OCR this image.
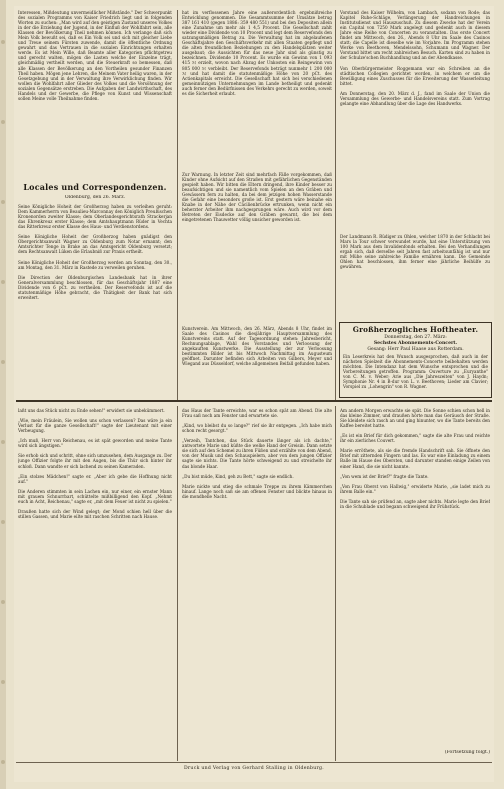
Interessen, Mißdeutung unvermeidlicher Mißstände." Der Schwerpunkt des sozialen Programms von Kaiser Friedrich liegt und in folgenden Worten zu suchen: „Man wird auf den geistigen Zustand unseres Volkes in der die Erziehung der Jugend, in der Einfluß der Wohlfahrt sein, alle Klassen der Bevölkerung Theil nehmen können. Ich verlange daß sich Mein Volk bewußt sei, daß es Ein Volk sei und sich mit gleicher Liebe und Treue seinem Fürsten zuwende, damit die öffentliche Ordnung gewahrt und das Vertrauen in die sozialen Einrichtungen erhalten werde. Es ist Mein Wille, daß Beamte aller Kategorien pflichtgetreu und gerecht walten, mögen die Lasten welche der Einzelne trägt, gleichmäßig vertheilt werden, und die Steuerkraft so bemessen, daß alle Klassen der Bevölkerung an den Vortheilen gesunder Finanzen Theil haben. Mögen jene Lehren, die Meinem Vater heilig waren, in der Gesetzgebung und in der Verwaltung ihre Verwirklichung finden. Wir wollen die Wohlfahrt aller Glieder des Volkes und die Versöhnung der sozialen Gegensätze erstreben. Die Aufgaben der Landwirthschaft, des Handels und der Gewerbe, die Pflege von Kunst und Wissenschaft sollen Meine volle Theilnahme finden.
Locales und Correspondenzen.
Oldenburg, den 26. März.
Seine Königliche Hoheit der Großherzog haben zu verleihen geruht: Dem Kammerherrn von Beaulieu-Marconnay den Königlich Preußischen Kronenorden zweiter Klasse; dem Oberlandesgerichtsrath Strackerjan das Ehrenkreuz erster Klasse; dem Amtshauptmann Rüder in Vechta das Ritterkreuz erster Klasse des Haus- und Verdienstordens.

Seine Königliche Hoheit der Großherzog haben gnädigst den Obergerichtsanwalt Wagner zu Oldenburg zum Notar ernannt; den Amtsrichter Tenge in Brake an das Amtsgericht Oldenburg versetzt; dem Rechtsanwalt Lüken die Erlaubniß zur Praxis ertheilt.

Seine Königliche Hoheit der Großherzog werden am Sonntag, den 30., am Montag, den 31. März in Rastede zu verweilen geruhen.

Die Direction der Oldenburgischen Landesbank hat in ihrer Generalversammlung beschlossen, für das Geschäftsjahr 1887 eine Dividende von 6 pCt. zu vertheilen. Der Reservefonds ist auf die statutenmäßige Höhe gebracht, die Thätigkeit der Bank hat sich erweitert.
hat im verflossenen Jahre eine außerordentlich ergebnißreiche Entwicklung genommen. Die Gesammtsumme der Umsätze betrug 387 161 410 (gegen 1886: 359 480 551) und bei den Depositen allein eine Zunahme um mehr als 1 4,5 Procent. Die Gesellschaft zahlt wieder eine Dividende von 10 Procent und legt dem Reservefonds den satzungsmäßigen Betrag zu. Die Verwaltung hat im abgelaufenen Geschäftsjahre den Geschäftsverkehr mit allen Staaten gepflegt und die alten freundlichen Beziehungen zu den Handelsplätzen weiter ausgebaut; die Aussichten für das neue Jahr sind als günstig zu bezeichnen. Dividende 10 Procent. Es wurde ein Gewinn von 1 093 415 ℳ erzielt, wovon nach Abzug der Unkosten ein Reingewinn von 805 000 ℳ verbleibt. Der Reservefonds beträgt nunmehr 1 200 000 ℳ und hat damit die statutenmäßige Höhe von 20 pCt. des Actienkapitals erreicht. Die Gesellschaft hat sich bei verschiedenen gemeinnützigen Unternehmungen im Lande betheiligt und gedenkt auch ferner den Bedürfnissen des Verkehrs gerecht zu werden, soweit es die Sicherheit erlaubt.
Zur Warnung. In letzter Zeit sind mehrfach Fälle vorgekommen, daß Kinder ohne Aufsicht auf den Straßen mit gefährlichen Gegenständen gespielt haben. Wir bitten die Eltern dringend, ihre Kinder besser zu beaufsichtigen und sie namentlich vom Spielen an den Gräben und Gewässern fern zu halten, da bei dem jetzigen hohen Wasserstande die Gefahr eine besonders große ist. Erst gestern wäre beinahe ein Knabe in der Nähe der Cäcilienbrücke ertrunken, wenn nicht ein beherzter Arbeiter ihm nachgesprungen wäre. Auch wird vor dem Betreten der Eisdecke auf den Gräben gewarnt, die bei dem eingetretenen Thauwetter völlig unsicher geworden ist.
Kunstverein. Am Mittwoch, den 26. März, Abends 8 Uhr, findet im Saale des Casinos die diesjährige Hauptversammlung des Kunstvereins statt. Auf der Tagesordnung stehen: Jahresbericht, Rechnungsablage, Wahl des Vorstandes und Verloosung der angekauften Kunstwerke. Die Ausstellung der zur Verloosung bestimmten Bilder ist bis Mittwoch Nachmittag im Augusteum geöffnet. Darunter befinden sich Arbeiten von Gilbers, Meyer und Wiegand aus Düsseldorf, welche allgemeinen Beifall gefunden haben.
Vorstand des Kaiser Wilhelm, von Lambach, sodann von Rode; das Kapitel Ruhe-Schläge, Verlängerung der Handreichungen in Institutsdienst und Hauszuschuß. Zu diesem Zwecke hat der Verein ein Capital von 7250 Mark angelegt und gedenkt auch in diesem Jahre eine Reihe von Concerten zu veranstalten. Das erste Concert findet am Mittwoch, den 26., Abends 8 Uhr im Saale des Casinos statt; die Capelle ist dieselbe wie im Vorjahre. Im Programm stehen Werke von Beethoven, Mendelssohn, Schumann und Wagner. Der Vorstand bittet um recht zahlreichen Besuch. Karten sind zu haben in der Schulze'schen Buchhandlung und an der Abendkasse.

Von Oberbürgermeister Roggemann war ein Schreiben an die städtischen Collegien gerichtet worden, in welchem er um die Bewilligung eines Zuschusses für die Erweiterung der Wasserleitung bittet.

Am Donnerstag, den 20. März d. J., fand im Saale der Union die Versammlung des Gewerbe- und Handelsvereins statt. Zum Vortrag gelangte eine Abhandlung über die Lage des Handwerks.
Der Landmann R. Rüdiger zu Ohlen, welcher 1870 in der Schlacht bei Mars la Tour schwer verwundet wurde, hat eine Unterstützung von 100 Mark aus dem Invalidenfonds erhalten. Bei den Verhandlungen ergab sich, daß derselbe seit Jahren fast arbeitsunfähig ist und nur mit Mühe seine zahlreiche Familie ernähren kann. Die Gemeinde Ohlen hat beschlossen, ihm ferner eine jährliche Beihülfe zu gewähren.
Großherzogliches Hoftheater.
Donnerstag, den 27. März:
Sechstes Abonnements-Concert.
Gesang: Herr Paul Haase aus Rotterdam.
Ein Leserkreis hat den Wunsch ausgesprochen, daß auch in der nächsten Spielzeit die Abonnements-Concerte beibehalten werden möchten. Die Intendanz hat dem Wunsche entsprochen und die Vorbereitungen getroffen. Programm: Ouverture zu „Euryanthe" von C. M. v. Weber; Arie aus „Die Jahreszeiten" von J. Haydn; Symphonie Nr. 4 in B-dur von L. v. Beethoven; Lieder am Clavier; Vorspiel zu „Lohengrin" von R. Wagner.
laßt uns das Stück nicht zu Ende sehen!" erwidert sie unbekümmert.

„Wie, mein Fräulein, Sie wollen uns schon verlassen? Das wäre ja ein Verlust für die ganze Gesellschaft!" sagte der Lieutenant mit einer Verbeugung.

„Ich muß, Herr von Reichenau, es ist spät geworden und meine Tante wird sich ängstigen."

Sie erhob sich und schritt, ohne sich umzusehen, dem Ausgange zu. Der junge Offizier folgte ihr mit den Augen, bis die Thür sich hinter ihr schloß. Dann wandte er sich lachend zu seinen Kameraden.

„Ein stolzes Mädchen!" sagte er. „Aber ich gebe die Hoffnung nicht auf."

Die Anderen stimmten in sein Lachen ein, nur einer, ein ernster Mann mit grauem Schnurrbart, schüttelte mißbilligend den Kopf. „Nehmt euch in Acht, Reichenau," sagte er, „mit dem Feuer ist nicht zu spielen."

Draußen hatte sich der Wind gelegt; der Mond schien hell über die stillen Gassen, und Marie eilte mit raschen Schritten nach Hause.
das Haus der Tante erreichte, war es schon spät am Abend. Die alte Frau saß noch am Fenster und erwartete sie.

„Kind, wo bleibst du so lange?" rief sie ihr entgegen. „Ich habe mich schon recht gesorgt."

„Verzeih, Tantchen, das Stück dauerte länger als ich dachte," antwortete Marie und küßte die welke Hand der Greisin. Dann setzte sie sich auf den Schemel zu ihren Füßen und erzählte von dem Abend, von der Musik und den Schauspielern, aber von dem jungen Offizier sagte sie nichts. Die Tante hörte schweigend zu und streichelte ihr das blonde Haar.

„Du bist müde, Kind, geh zu Bett," sagte sie endlich.

Marie nickte und stieg die schmale Treppe zu ihrem Kämmerchen hinauf. Lange noch saß sie am offenen Fenster und blickte hinaus in die mondhelle Nacht.
Am andern Morgen erwachte sie spät. Die Sonne schien schon hell in das kleine Zimmer, und draußen hörte man das Geräusch der Straße. Sie kleidete sich rasch an und ging hinunter, wo die Tante bereits den Kaffee bereitet hatte.

„Es ist ein Brief für dich gekommen," sagte die alte Frau und reichte ihr ein zierliches Couvert.

Marie erröthete, als sie die fremde Handschrift sah. Sie öffnete den Brief mit zitternden Fingern und las. Es war eine Einladung zu einem Balle im Hause des Obersten, und darunter standen einige Zeilen von einer Hand, die sie nicht kannte.

„Von wem ist der Brief?" fragte die Tante.

„Von Frau Oberst von Hallwig," erwiderte Marie, „sie ladet mich zu ihrem Balle ein."

Die Tante sah sie prüfend an, sagte aber nichts. Marie legte den Brief in die Schublade und begann schweigend ihr Frühstück.
(Fortsetzung folgt.)
Druck und Verlag von Gerhard Stalling in Oldenburg.
